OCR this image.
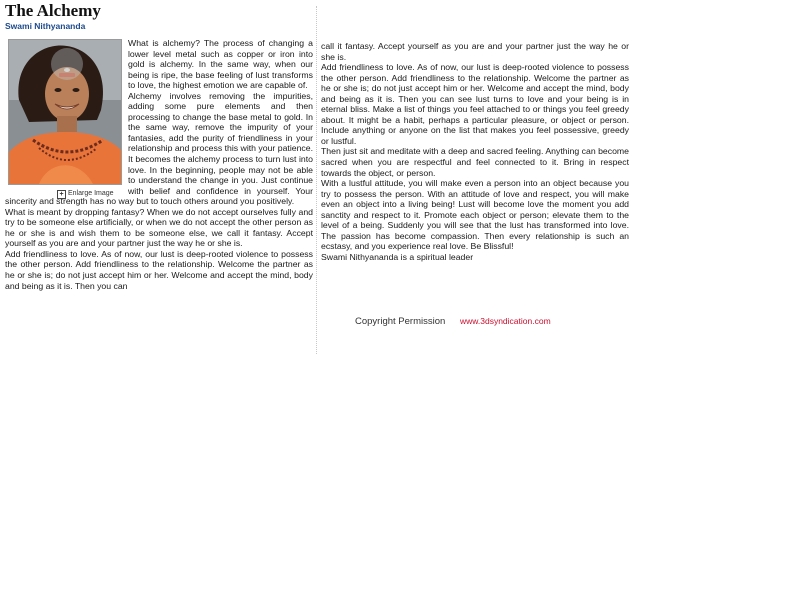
The Alchemy
Swami Nithyananda
+ Enlarge Image

What is alchemy? The process of changing a lower level metal such as copper or iron into gold is alchemy. In the same way, when our being is ripe, the base feeling of lust transforms to love, the highest emotion we are capable of.

Alchemy involves removing the impurities, adding some pure elements and then processing to change the base metal to gold. In the same way, remove the impurity of your fantasies, add the purity of friendliness in your relationship and process this with your patience. It becomes the alchemy process to turn lust into love. In the beginning, people may not be able to understand the change in you. Just continue with belief and confidence in yourself. Your sincerity and strength has no way but to touch others around you positively.

What is meant by dropping fantasy? When we do not accept ourselves fully and try to be someone else artificially, or when we do not accept the other person as he or she is and wish them to be someone else, we call it fantasy. Accept yourself as you are and your partner just the way he or she is.

Add friendliness to love. As of now, our lust is deep-rooted violence to possess the other person. Add friendliness to the relationship. Welcome the partner as he or she is; do not just accept him or her. Welcome and accept the mind, body and being as it is. Then you can

call it fantasy. Accept yourself as you are and your partner just the way he or she is.

Add friendliness to love. As of now, our lust is deep-rooted violence to possess the other person. Add friendliness to the relationship. Welcome the partner as he or she is; do not just accept him or her. Welcome and accept the mind, body and being as it is. Then you can see lust turns to love and your being is in eternal bliss. Make a list of things you feel attached to or things you feel greedy about. It might be a habit, perhaps a particular pleasure, or object or person. Include anything or anyone on the list that makes you feel possessive, greedy or lustful.

Then just sit and meditate with a deep and sacred feeling. Anything can become sacred when you are respectful and feel connected to it. Bring in respect towards the object, or person.

With a lustful attitude, you will make even a person into an object because you try to possess the person. With an attitude of love and respect, you will make even an object into a living being! Lust will become love the moment you add sanctity and respect to it. Promote each object or person; elevate them to the level of a being. Suddenly you will see that the lust has transformed into love. The passion has become compassion. Then every relationship is such an ecstasy, and you experience real love. Be Blissful!

Swami Nithyananda is a spiritual leader

Copyright Permission www.3dsyndication.com
